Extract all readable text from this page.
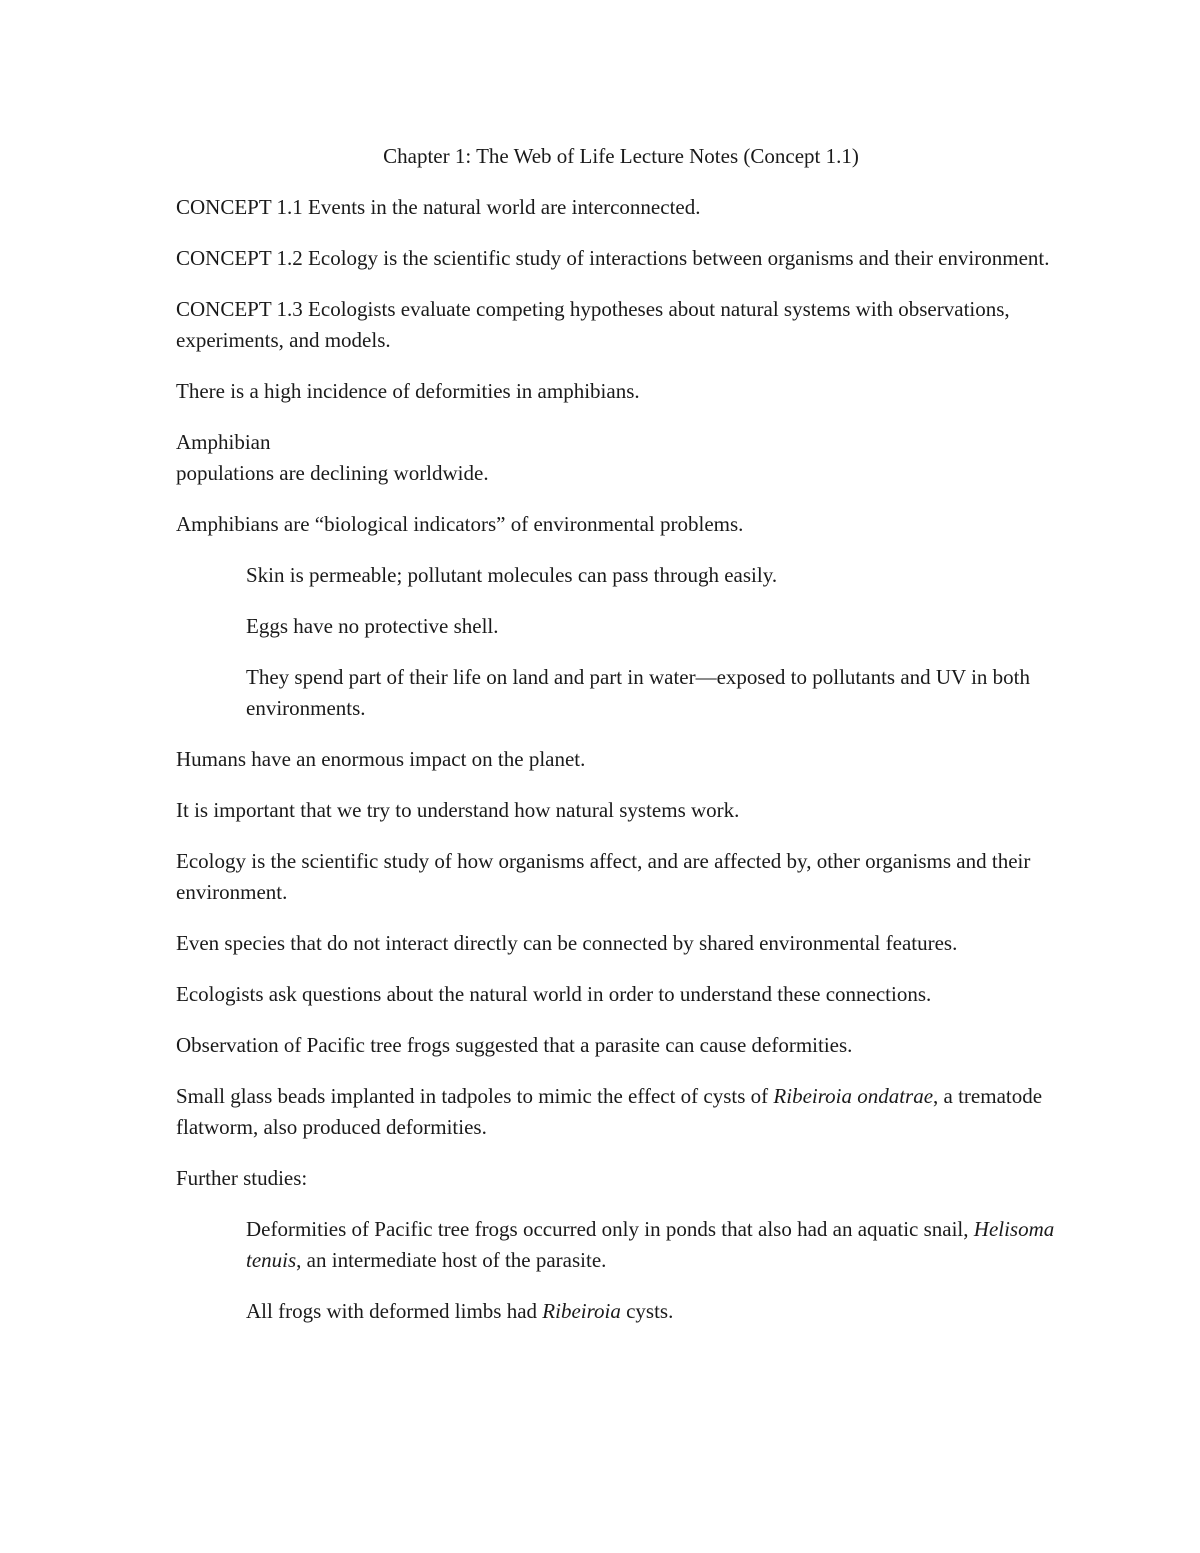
Chapter 1: The Web of Life Lecture Notes (Concept 1.1)

CONCEPT 1.1 Events in the natural world are interconnected.

CONCEPT 1.2 Ecology is the scientific study of interactions between organisms and their environment.

CONCEPT 1.3 Ecologists evaluate competing hypotheses about natural systems with observations, experiments, and models.

There is a high incidence of deformities in amphibians.

Amphibian
populations are declining worldwide.

Amphibians are “biological indicators” of environmental problems.

Skin is permeable; pollutant molecules can pass through easily.

Eggs have no protective shell.

They spend part of their life on land and part in water—exposed to pollutants and UV in both environments.

Humans have an enormous impact on the planet.

It is important that we try to understand how natural systems work.

Ecology is the scientific study of how organisms affect, and are affected by, other organisms and their environment.

Even species that do not interact directly can be connected by shared environmental features.

Ecologists ask questions about the natural world in order to understand these connections.

Observation of Pacific tree frogs suggested that a parasite can cause deformities.

Small glass beads implanted in tadpoles to mimic the effect of cysts of Ribeiroia ondatrae, a trematode flatworm, also produced deformities.

Further studies:

Deformities of Pacific tree frogs occurred only in ponds that also had an aquatic snail, Helisoma tenuis, an intermediate host of the parasite.

All frogs with deformed limbs had Ribeiroia cysts.
